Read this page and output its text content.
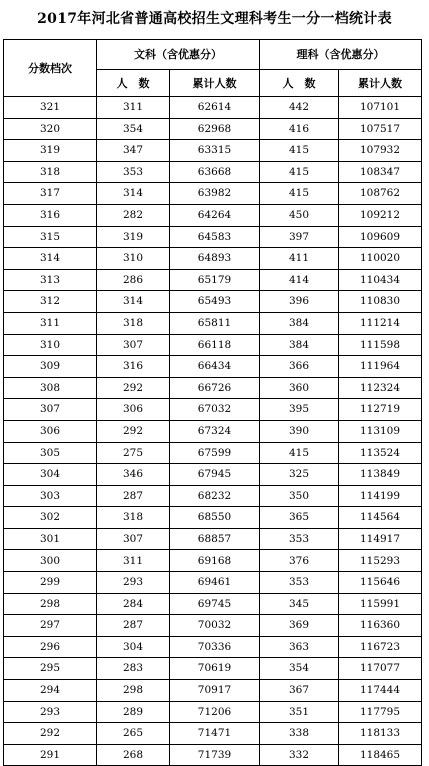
2017年河北省普通高校招生文理科考生一分一档统计表
分数档次	文科（含优惠分）		理科（含优惠分）	
	人　数	累计人数	人　数	累计人数
321	311	62614	442	107101
320	354	62968	416	107517
319	347	63315	415	107932
318	353	63668	415	108347
317	314	63982	415	108762
316	282	64264	450	109212
315	319	64583	397	109609
314	310	64893	411	110020
313	286	65179	414	110434
312	314	65493	396	110830
311	318	65811	384	111214
310	307	66118	384	111598
309	316	66434	366	111964
308	292	66726	360	112324
307	306	67032	395	112719
306	292	67324	390	113109
305	275	67599	415	113524
304	346	67945	325	113849
303	287	68232	350	114199
302	318	68550	365	114564
301	307	68857	353	114917
300	311	69168	376	115293
299	293	69461	353	115646
298	284	69745	345	115991
297	287	70032	369	116360
296	304	70336	363	116723
295	283	70619	354	117077
294	298	70917	367	117444
293	289	71206	351	117795
292	265	71471	338	118133
291	268	71739	332	118465
